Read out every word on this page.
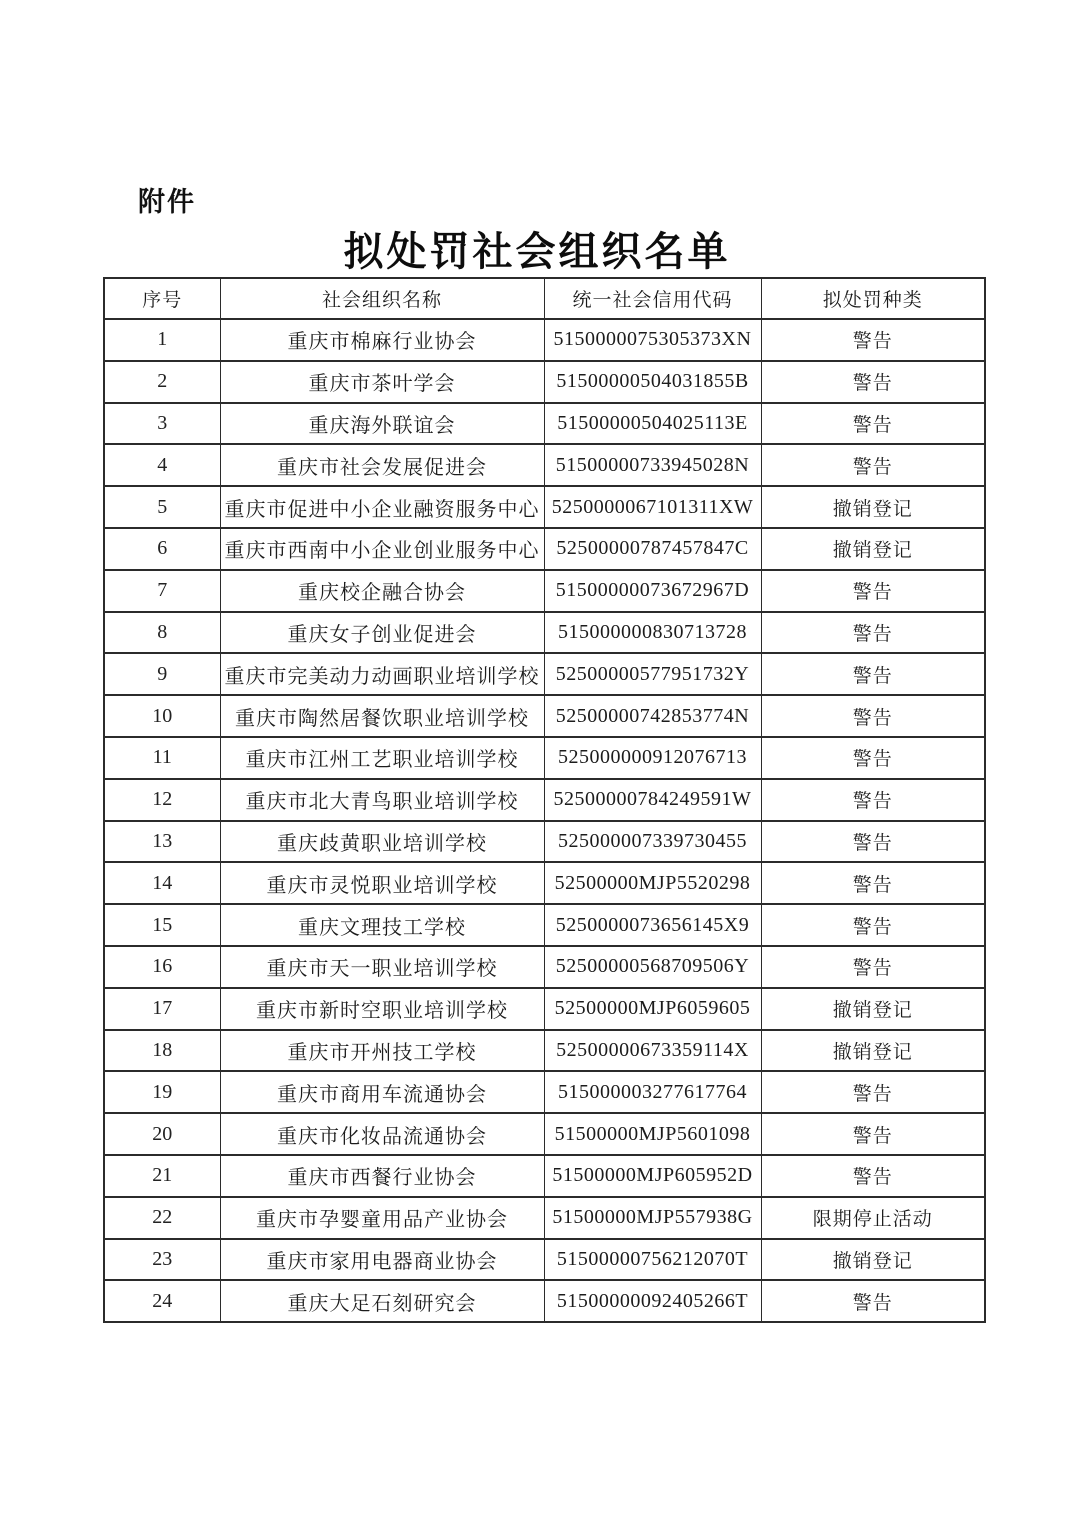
附件
拟处罚社会组织名单
序号	社会组织名称	统一社会信用代码	拟处罚种类
1	重庆市棉麻行业协会	5150000075305373XN	警告
2	重庆市茶叶学会	51500000504031855B	警告
3	重庆海外联谊会	51500000504025113E	警告
4	重庆市社会发展促进会	51500000733945028N	警告
5	重庆市促进中小企业融资服务中心	5250000067101311XW	撤销登记
6	重庆市西南中小企业创业服务中心	52500000787457847C	撤销登记
7	重庆校企融合协会	51500000073672967D	警告
8	重庆女子创业促进会	515000000830713728	警告
9	重庆市完美动力动画职业培训学校	52500000577951732Y	警告
10	重庆市陶然居餐饮职业培训学校	52500000742853774N	警告
11	重庆市江州工艺职业培训学校	525000000912076713	警告
12	重庆市北大青鸟职业培训学校	52500000784249591W	警告
13	重庆歧黄职业培训学校	525000007339730455	警告
14	重庆市灵悦职业培训学校	52500000MJP5520298	警告
15	重庆文理技工学校	5250000073656145X9	警告
16	重庆市天一职业培训学校	52500000568709506Y	警告
17	重庆市新时空职业培训学校	52500000MJP6059605	撤销登记
18	重庆市开州技工学校	52500000673359114X	撤销登记
19	重庆市商用车流通协会	515000003277617764	警告
20	重庆市化妆品流通协会	51500000MJP5601098	警告
21	重庆市西餐行业协会	51500000MJP605952D	警告
22	重庆市孕婴童用品产业协会	51500000MJP557938G	限期停止活动
23	重庆市家用电器商业协会	51500000756212070T	撤销登记
24	重庆大足石刻研究会	51500000092405266T	警告
